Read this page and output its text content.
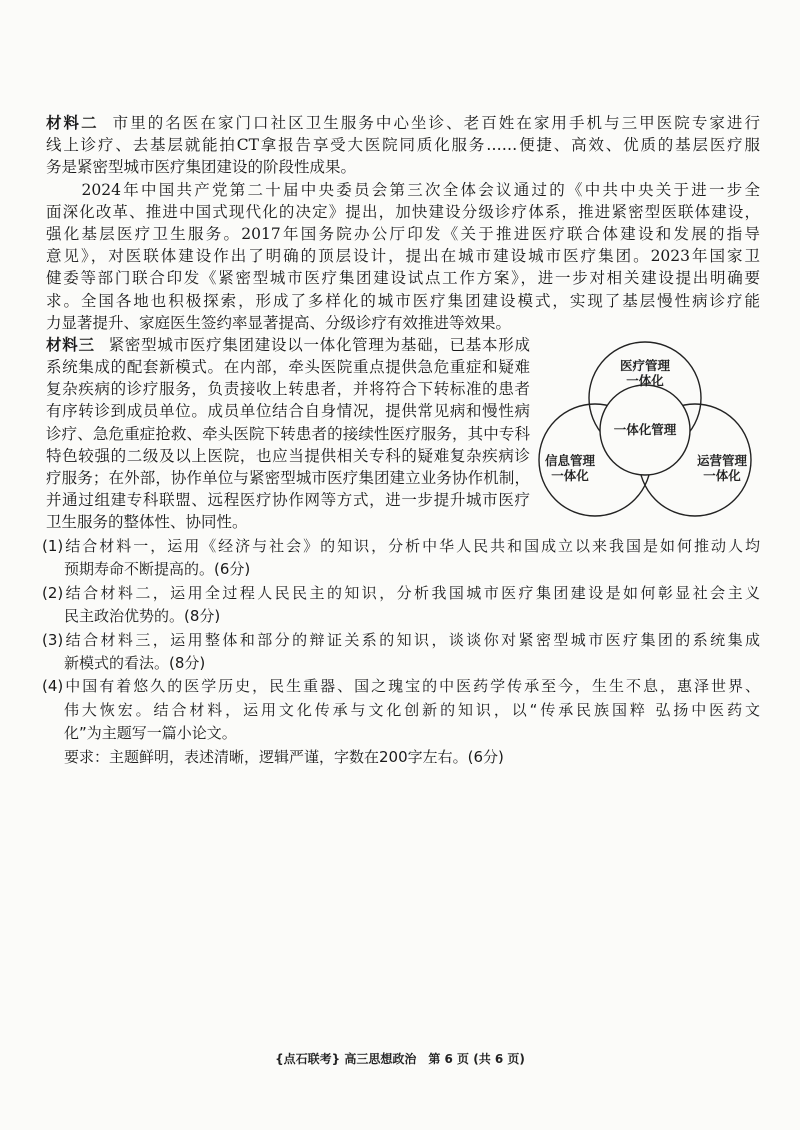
材料二 市里的名医在家门口社区卫生服务中心坐诊、老百姓在家用手机与三甲医院专家进行
线上诊疗、去基层就能拍CT拿报告享受大医院同质化服务……便捷、高效、优质的基层医疗服
务是紧密型城市医疗集团建设的阶段性成果。
　　2024年中国共产党第二十届中央委员会第三次全体会议通过的《中共中央关于进一步全
面深化改革、推进中国式现代化的决定》提出，加快建设分级诊疗体系，推进紧密型医联体建设，
强化基层医疗卫生服务。2017年国务院办公厅印发《关于推进医疗联合体建设和发展的指导
意见》，对医联体建设作出了明确的顶层设计，提出在城市建设城市医疗集团。2023年国家卫
健委等部门联合印发《紧密型城市医疗集团建设试点工作方案》，进一步对相关建设提出明确要
求。全国各地也积极探索，形成了多样化的城市医疗集团建设模式，实现了基层慢性病诊疗能
力显著提升、家庭医生签约率显著提高、分级诊疗有效推进等效果。
材料三 紧密型城市医疗集团建设以一体化管理为基础，已基本形成
系统集成的配套新模式。在内部，牵头医院重点提供急危重症和疑难
复杂疾病的诊疗服务，负责接收上转患者，并将符合下转标准的患者
有序转诊到成员单位。成员单位结合自身情况，提供常见病和慢性病
诊疗、急危重症抢救、牵头医院下转患者的接续性医疗服务，其中专科
特色较强的二级及以上医院，也应当提供相关专科的疑难复杂疾病诊
疗服务；在外部，协作单位与紧密型城市医疗集团建立业务协作机制，
并通过组建专科联盟、远程医疗协作网等方式，进一步提升城市医疗
卫生服务的整体性、协同性。
医疗管理
一体化
一体化管理
信息管理
一体化
运营管理
一体化
(1)结合材料一，运用《经济与社会》的知识，分析中华人民共和国成立以来我国是如何推动人均
预期寿命不断提高的。(6分)
(2)结合材料二，运用全过程人民民主的知识，分析我国城市医疗集团建设是如何彰显社会主义
民主政治优势的。(8分)
(3)结合材料三，运用整体和部分的辩证关系的知识，谈谈你对紧密型城市医疗集团的系统集成
新模式的看法。(8分)
(4)中国有着悠久的医学历史，民生重器、国之瑰宝的中医药学传承至今，生生不息，惠泽世界、
伟大恢宏。结合材料，运用文化传承与文化创新的知识，以“传承民族国粹 弘扬中医药文
化”为主题写一篇小论文。
要求：主题鲜明，表述清晰，逻辑严谨，字数在200字左右。(6分)
{点石联考} 高三思想政治　第 6 页 (共 6 页)
